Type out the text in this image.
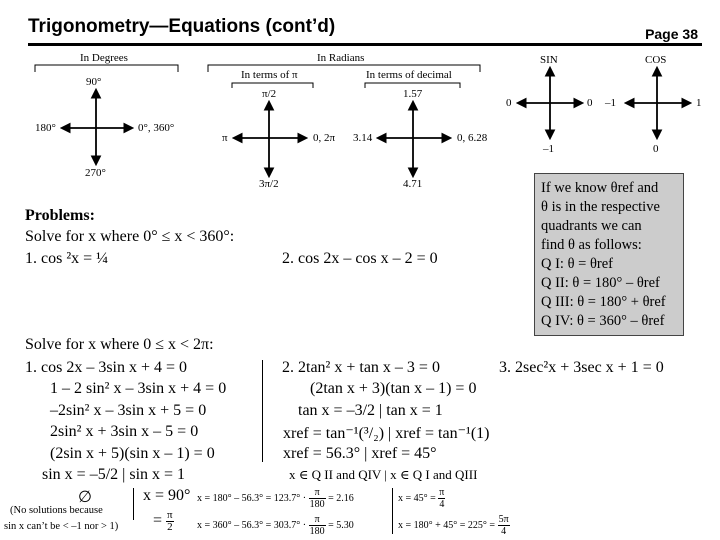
Trigonometry—Equations (cont’d)	Page 38
In Degrees
90°
180°	0°, 360°
270°
In Radians
In terms of π
π/2
π	0, 2π
3π/2
In terms of decimal
1.57
3.14	0, 6.28
4.71
SIN
0	0
–1
COS
–1	1
0
If we know θref and
θ is in the respective
quadrants we can
find θ as follows:
Q I: θ = θref
Q II: θ = 180° – θref
Q III: θ = 180° + θref
Q IV: θ = 360° – θref
Problems:
Solve for x where 0° ≤ x < 360°:
1. cos ²x = ¼	2. cos 2x – cos x – 2 = 0
Solve for x where 0 ≤ x < 2π:
1. cos 2x – 3sin x + 4 = 0
1 – 2 sin² x – 3sin x + 4 = 0
–2sin² x – 3sin x + 5 = 0
2sin² x + 3sin x – 5 = 0
(2sin x + 5)(sin x – 1) = 0
sin x = –5/2 | sin x = 1
∅
(No solutions because
sin x can’t be < –1 nor > 1)
x = 90°
= $\frac{\pi}{2}$
2. 2tan² x + tan x – 3 = 0
(2tan x + 3)(tan x – 1) = 0
tan x = –3/2 | tan x = 1
xref = tan⁻¹(³/₂) | xref = tan⁻¹(1)
xref = 56.3° | xref = 45°
x ∈ Q II and QIV | x ∈ Q I and QIII
$x = 180^\circ - 56.3^\circ = 123.7^\circ \cdot \frac{\pi}{180} = 2.16$
$x = 360^\circ - 56.3^\circ = 303.7^\circ \cdot \frac{\pi}{180} = 5.30$
$x = 45^\circ = \frac{\pi}{4}$
$x = 180^\circ + 45^\circ = 225^\circ = \frac{5\pi}{4}$
3. 2sec²x + 3sec x + 1 = 0
